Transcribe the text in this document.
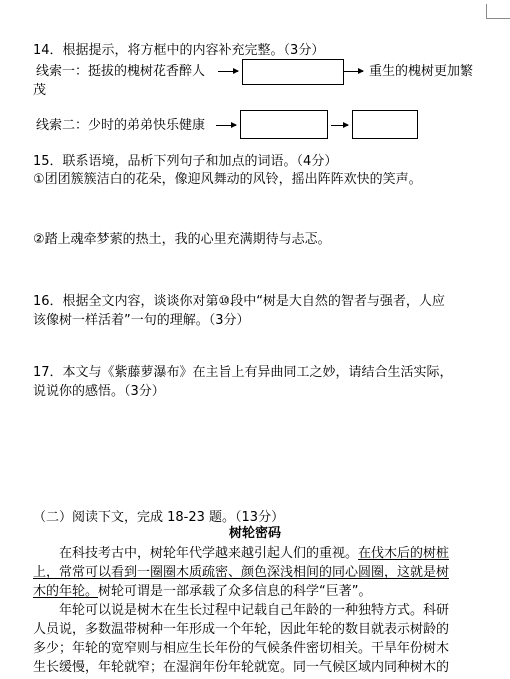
14．根据提示，将方框中的内容补充完整。（3分）
线索一：挺拔的槐树花香醉人	重生的槐树更加繁
茂
线索二：少时的弟弟快乐健康
15．联系语境，品析下列句子和加点的词语。（4分）
①团团簇簇洁白的花朵，像迎风舞动的风铃，摇出阵阵欢快的笑声。
②踏上魂牵梦萦的热土，我的心里充满期待与忐忑。
16．根据全文内容，谈谈你对第⑩段中“树是大自然的智者与强者，人应
该像树一样活着”一句的理解。（3分）
17．本文与《紫藤萝瀑布》在主旨上有异曲同工之妙，请结合生活实际，
说说你的感悟。（3分）
（二）阅读下文，完成 18-23 题。（13分）
树轮密码
在科技考古中，树轮年代学越来越引起人们的重视。在伐木后的树桩
上，常常可以看到一圈圈木质疏密、颜色深浅相间的同心圆圈，这就是树
木的年轮。树轮可谓是一部承载了众多信息的科学“巨著”。
年轮可以说是树木在生长过程中记载自己年龄的一种独特方式。科研
人员说，多数温带树种一年形成一个年轮，因此年轮的数目就表示树龄的
多少；年轮的宽窄则与相应生长年份的气候条件密切相关。干旱年份树木
生长缓慢，年轮就窄；在湿润年份年轮就宽。同一气候区域内同种树木的
